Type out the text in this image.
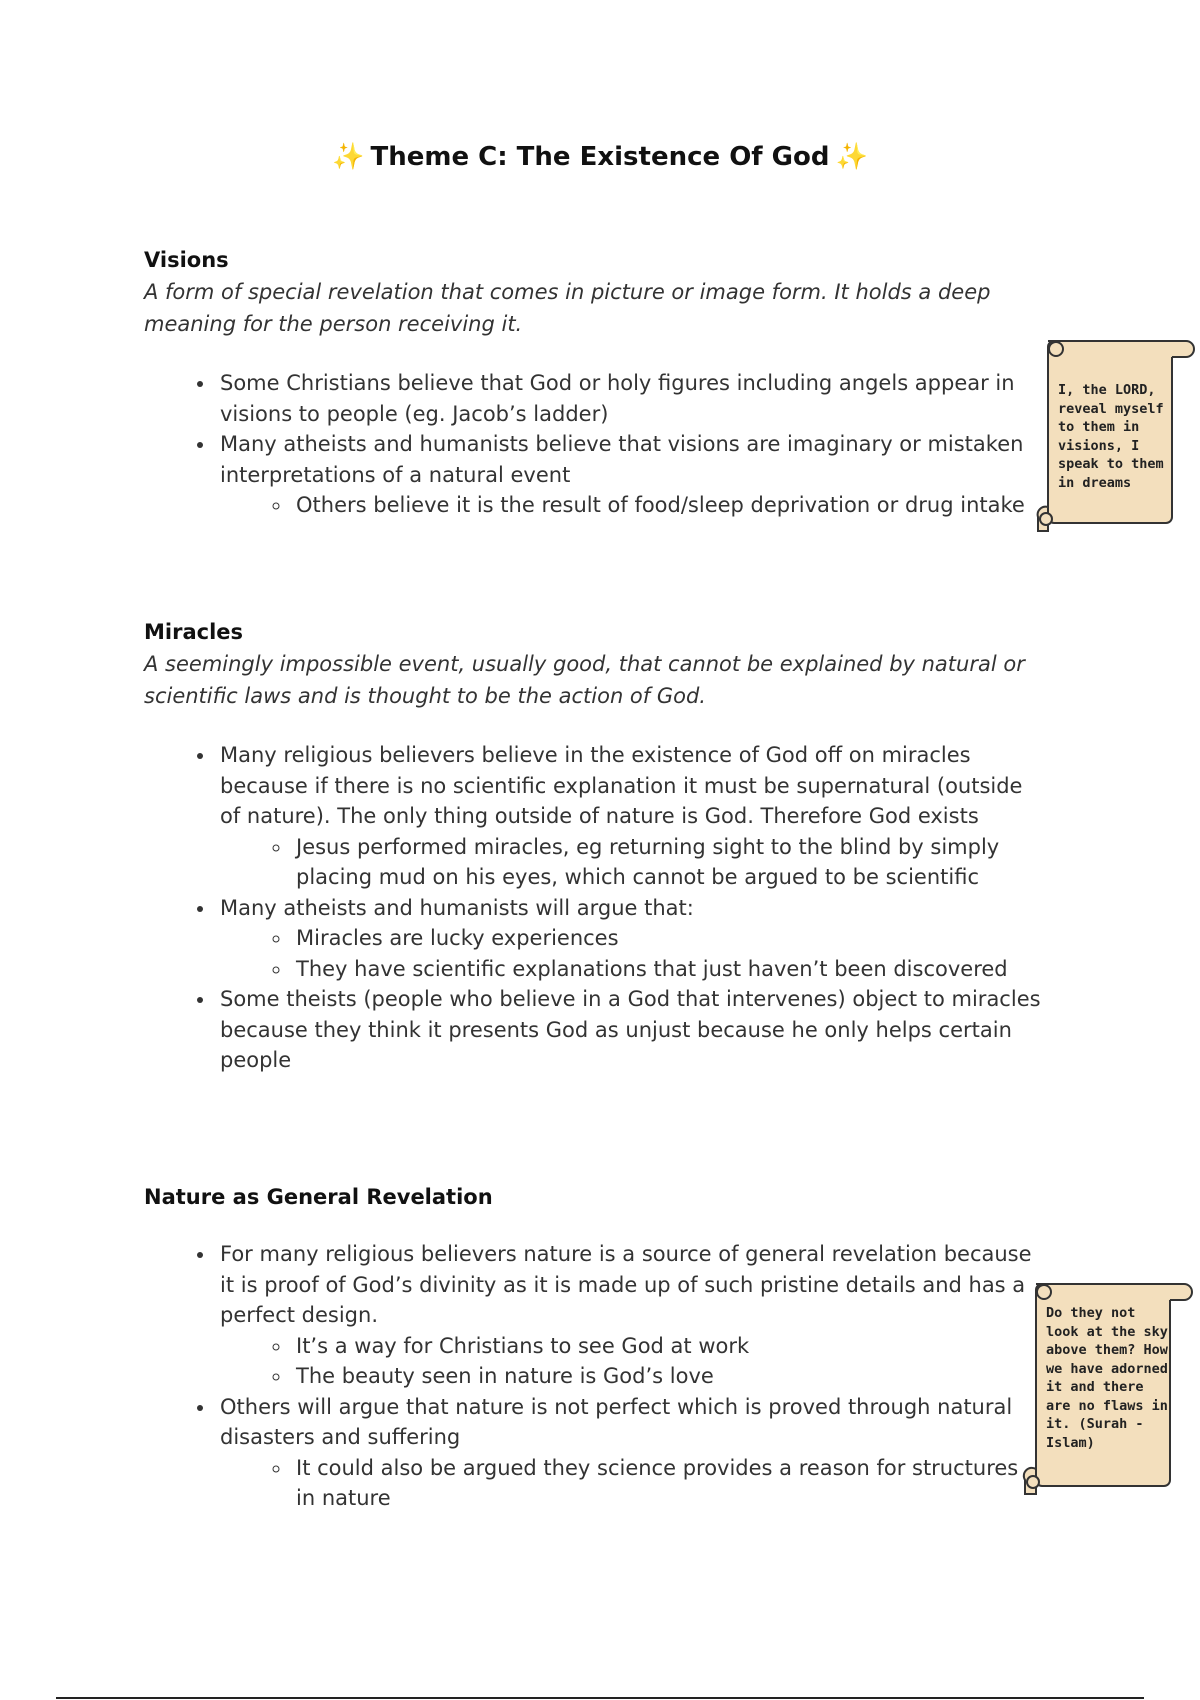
✨ Theme C: The Existence Of God ✨
Visions

A form of special revelation that comes in picture or image form. It holds a deep meaning for the person receiving it.

• Some Christians believe that God or holy figures including angels appear in visions to people (eg. Jacob’s ladder)
• Many atheists and humanists believe that visions are imaginary or mistaken interpretations of a natural event
◦ Others believe it is the result of food/sleep deprivation or drug intake
I, the LORD, reveal myself to them in visions, I speak to them in dreams
Miracles

A seemingly impossible event, usually good, that cannot be explained by natural or scientific laws and is thought to be the action of God.

• Many religious believers believe in the existence of God off on miracles because if there is no scientific explanation it must be supernatural (outside of nature). The only thing outside of nature is God. Therefore God exists
◦ Jesus performed miracles, eg returning sight to the blind by simply placing mud on his eyes, which cannot be argued to be scientific
• Many atheists and humanists will argue that:
◦ Miracles are lucky experiences
◦ They have scientific explanations that just haven’t been discovered
• Some theists (people who believe in a God that intervenes) object to miracles because they think it presents God as unjust because he only helps certain people
Nature as General Revelation
• For many religious believers nature is a source of general revelation because it is proof of God’s divinity as it is made up of such pristine details and has a perfect design.
◦ It’s a way for Christians to see God at work
◦ The beauty seen in nature is God’s love
• Others will argue that nature is not perfect which is proved through natural disasters and suffering
◦ It could also be argued they science provides a reason for structures in nature
Do they not look at the sky above them? How we have adorned it and there are no flaws in it. (Surah - Islam)
